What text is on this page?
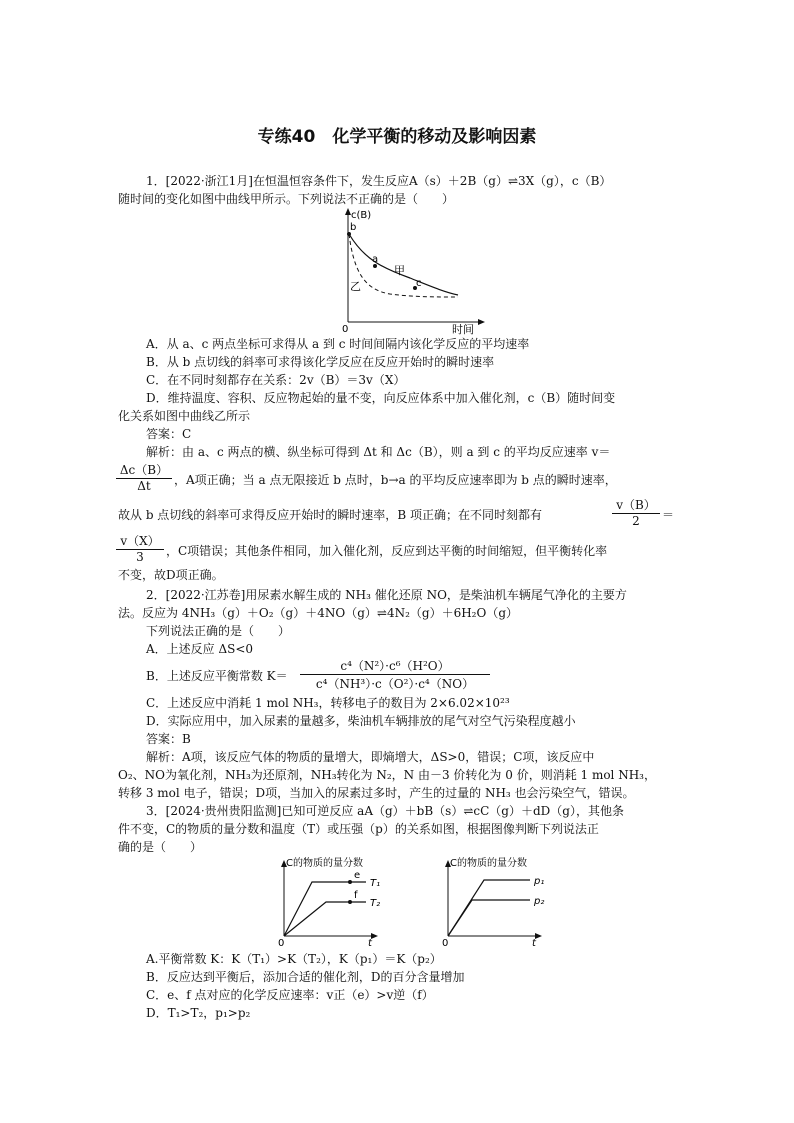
专练40　化学平衡的移动及影响因素
1．[2022·浙江1月]在恒温恒容条件下，发生反应A（s）＋2B（g）⇌3X（g），c（B）
随时间的变化如图中曲线甲所示。下列说法不正确的是（　　）
c(B)
b
a
c
甲
乙
0	时间
A．从 a、c 两点坐标可求得从 a 到 c 时间间隔内该化学反应的平均速率
B．从 b 点切线的斜率可求得该化学反应在反应开始时的瞬时速率
C．在不同时刻都存在关系：2v（B）＝3v（X）
D．维持温度、容积、反应物起始的量不变，向反应体系中加入催化剂，c（B）随时间变
化关系如图中曲线乙所示
答案：C
解析：由 a、c 两点的横、纵坐标可得到 Δt 和 Δc（B），则 a 到 c 的平均反应速率 v＝
$\frac{\Delta c(B)}{\Delta t}$ ，A项正确；当 a 点无限接近 b 点时，b→a 的平均反应速率即为 b 点的瞬时速率，
故从 b 点切线的斜率可求得反应开始时的瞬时速率，B 项正确；在不同时刻都有	$\frac{v(B)}{2}$ ＝
$\frac{v(X)}{3}$ ，C项错误；其他条件相同，加入催化剂，反应到达平衡的时间缩短，但平衡转化率
不变，故D项正确。
2．[2022·江苏卷]用尿素水解生成的 NH₃ 催化还原 NO，是柴油机车辆尾气净化的主要方
法。反应为 4NH₃（g）＋O₂（g）＋4NO（g）⇌4N₂（g）＋6H₂O（g）
下列说法正确的是（　　）
A．上述反应 ΔS<0
B．上述反应平衡常数 $K= \frac{\text{c⁴（N²）·c⁶（H²O）}}{\text{c⁴（NH³）·c（O²）·c⁴（NO）}}$
C．上述反应中消耗 1 mol NH₃，转移电子的数目为 2×6.02×10²³
D．实际应用中，加入尿素的量越多，柴油机车辆排放的尾气对空气污染程度越小
答案：B
解析：A项，该反应气体的物质的量增大，即熵增大，ΔS>0，错误；C项，该反应中
O₂、NO为氧化剂，NH₃为还原剂，NH₃转化为 N₂，N 由－3 价转化为 0 价，则消耗 1 mol NH₃，
转移 3 mol 电子，错误；D项，当加入的尿素过多时，产生的过量的 NH₃ 也会污染空气，错误。
3．[2024·贵州贵阳监测]已知可逆反应 aA（g）＋bB（s）⇌cC（g）＋dD（g），其他条
件不变，C的物质的量分数和温度（T）或压强（p）的关系如图，根据图像判断下列说法正
确的是（　　）
C的物质的量分数
e
f
T₁
T₂
0	t
C的物质的量分数
p₁
p₂
0	t
A.平衡常数 K：K（T₁）>K（T₂），K（p₁）＝K（p₂）
B．反应达到平衡后，添加合适的催化剂，D的百分含量增加
C．e、f 点对应的化学反应速率：v正（e）>v逆（f）
D．T₁>T₂，p₁>p₂
